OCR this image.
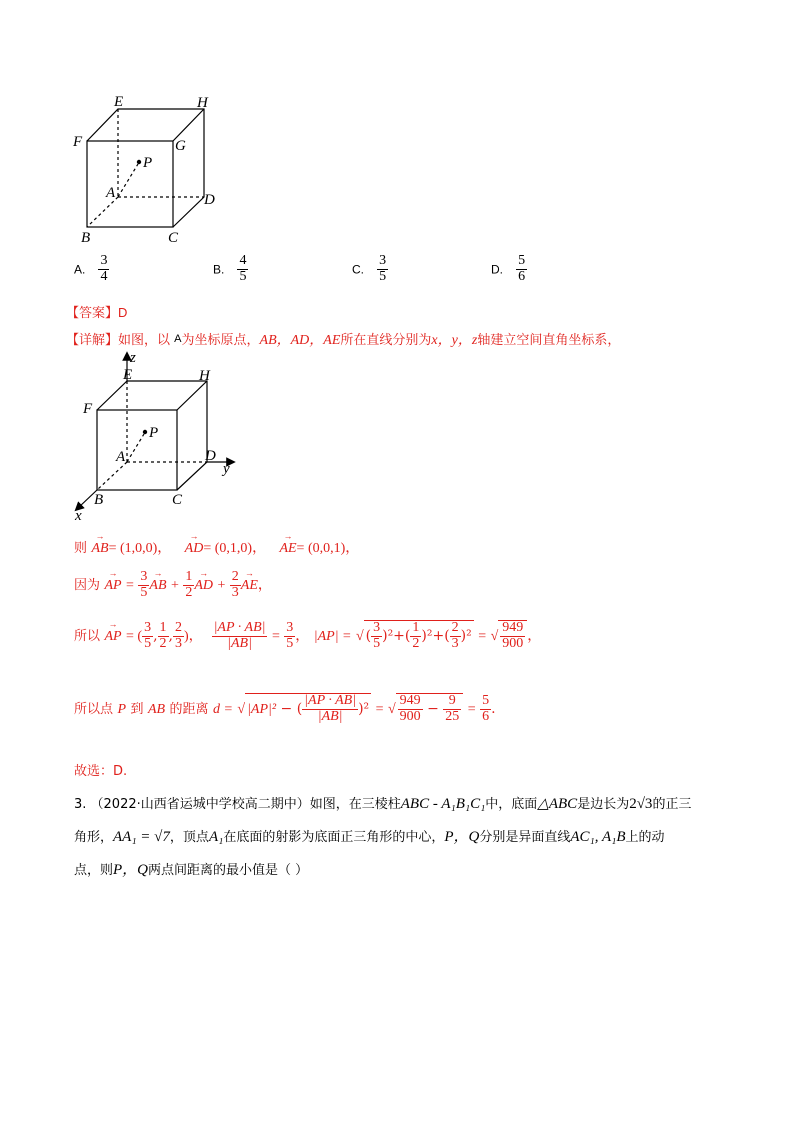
E	H
F	G
P
A	D
B	C
A. $\frac{3}{4}$	B. $\frac{4}{5}$	C. $\frac{3}{5}$	D. $\frac{5}{6}$
【答案】D
【详解】如图，以 A为坐标原点，AB，AD，AE所在直线分别为x，y，z轴建立空间直角坐标系，
z
E	H
F
P
A	D
y
B	C
x
则 → AB= (1,0,0)， → AD= (0,1,0)， → AE= (0,0,1)，
因为 → AP = $\frac{3}{5}$ → AB + $\frac{1}{2}$ → AD + $\frac{2}{3}$ → AE，
所以 → AP = ( $\frac{3}{5}$ , $\frac{1}{2}$ , $\frac{2}{3}$ )， $\frac{|AP \cdot AB|}{|AB|} = \frac{3}{5}$ ， |AP| = √ ( $\frac{3}{5} )^2+( \frac{1}{2} )^2+( \frac{2}{3} )^2$ = √ $\frac{949}{900}$ ，
所以点 P 到 AB 的距离 d = √ |AP|² − ( $\frac{|AP \cdot AB|}{|AB|} )^2$ = √ $\frac{949}{900} - \frac{9}{25} = \frac{5}{6}$ .
故选：D.
3. （2022·山西省运城中学校高二期中）如图，在三棱柱ABC - A₁B₁C₁中，底面△ABC是边长为2√3的正三
角形，AA₁ = √7，顶点A₁在底面的射影为底面正三角形的中心，P，Q分别是异面直线AC₁, A₁B上的动
点，则P，Q两点间距离的最小值是（ ）
